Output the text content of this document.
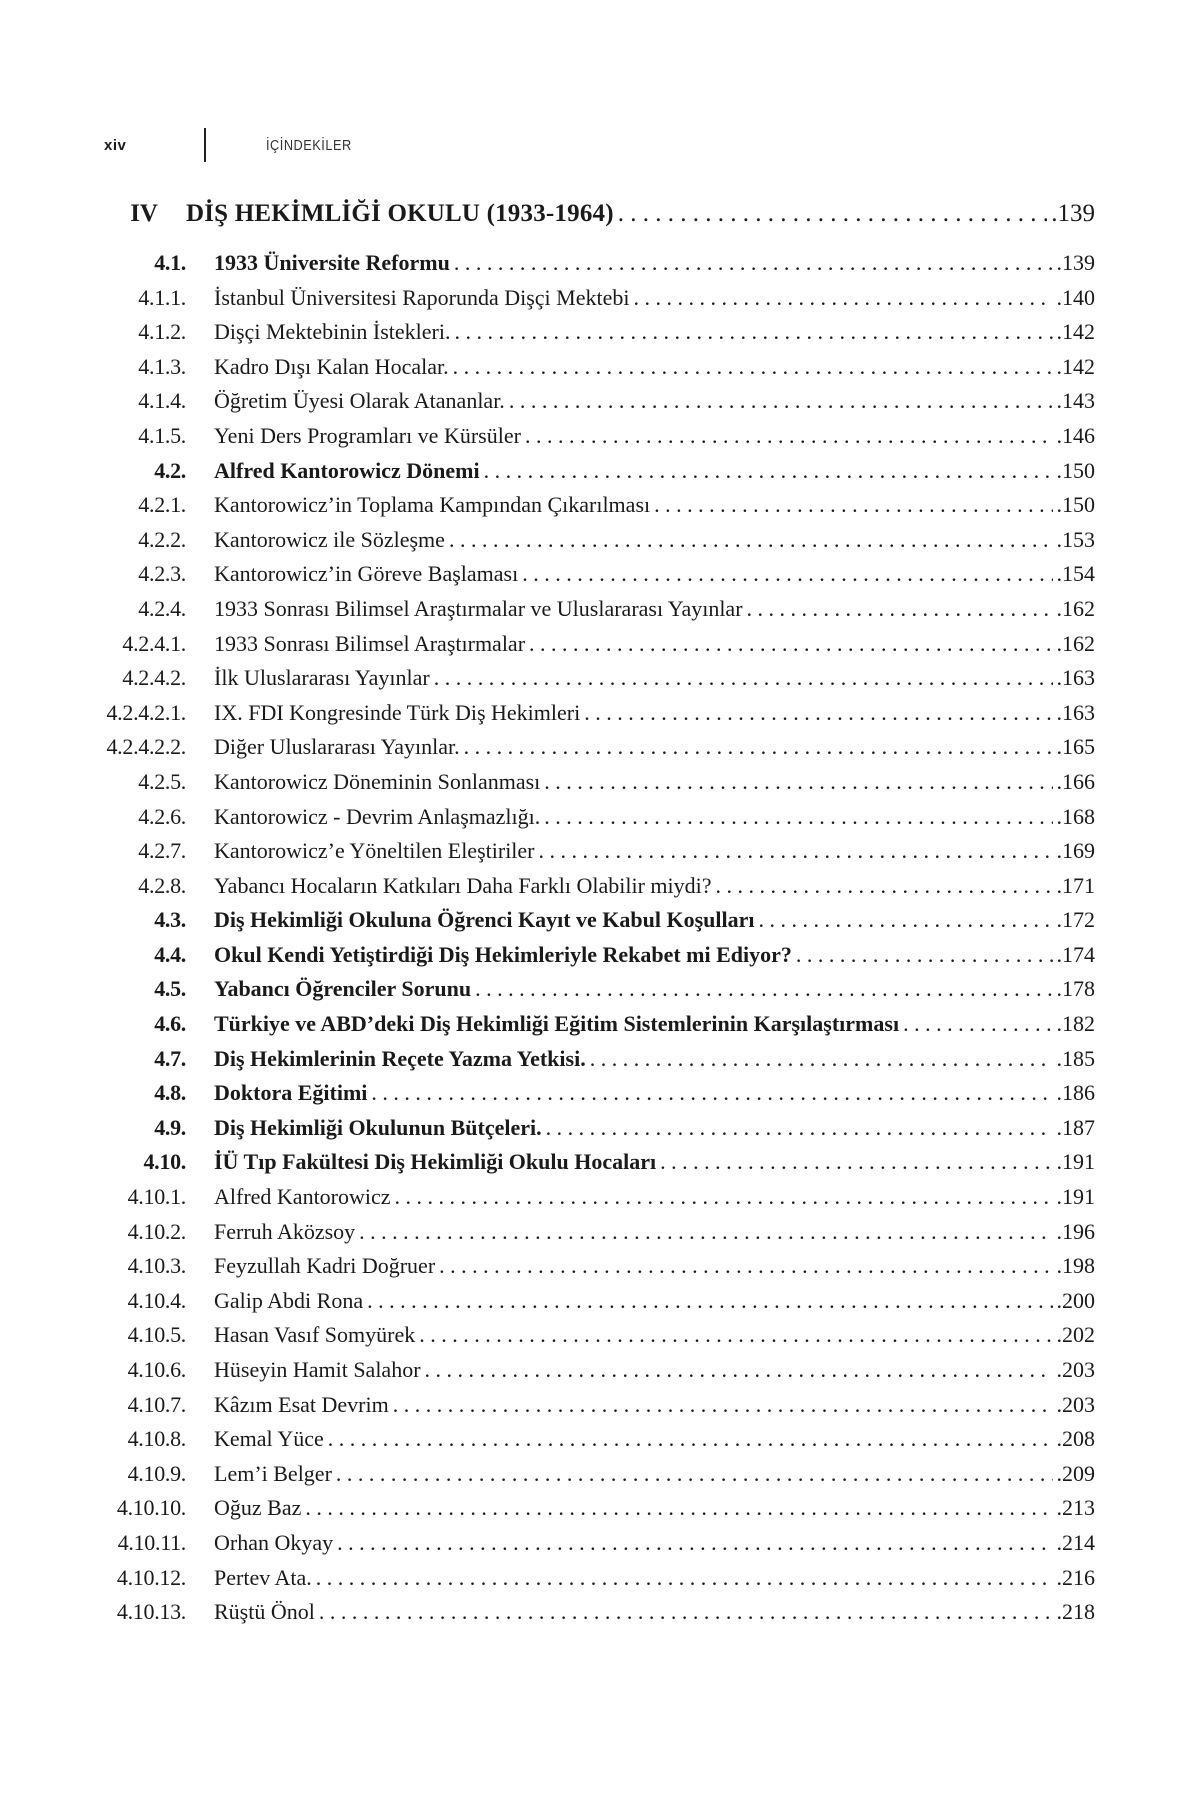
xiv	İÇİNDEKİLER
IV	DİŞ HEKİMLİĞİ OKULU (1933-1964) . . .	.139
4.1. 1933 Üniversite Reformu . . .	.139
4.1.1. İstanbul Üniversitesi Raporunda Dişçi Mektebi . . .	.140
4.1.2. Dişçi Mektebinin İstekleri. . . .	.142
4.1.3. Kadro Dışı Kalan Hocalar. . . .	.142
4.1.4. Öğretim Üyesi Olarak Atananlar. . . .	.143
4.1.5. Yeni Ders Programları ve Kürsüler . . .	.146
4.2. Alfred Kantorowicz Dönemi . . .	.150
4.2.1. Kantorowicz’in Toplama Kampından Çıkarılması . . .	.150
4.2.2. Kantorowicz ile Sözleşme . . .	.153
4.2.3. Kantorowicz’in Göreve Başlaması . . .	.154
4.2.4. 1933 Sonrası Bilimsel Araştırmalar ve Uluslararası Yayınlar . . .	.162
4.2.4.1. 1933 Sonrası Bilimsel Araştırmalar . . .	.162
4.2.4.2. İlk Uluslararası Yayınlar . . .	.163
4.2.4.2.1. IX. FDI Kongresinde Türk Diş Hekimleri . . .	.163
4.2.4.2.2. Diğer Uluslararası Yayınlar. . . .	.165
4.2.5. Kantorowicz Döneminin Sonlanması . . .	.166
4.2.6. Kantorowicz - Devrim Anlaşmazlığı. . . .	.168
4.2.7. Kantorowicz’e Yöneltilen Eleştiriler . . .	.169
4.2.8. Yabancı Hocaların Katkıları Daha Farklı Olabilir miydi? . . .	.171
4.3. Diş Hekimliği Okuluna Öğrenci Kayıt ve Kabul Koşulları . . .	.172
4.4. Okul Kendi Yetiştirdiği Diş Hekimleriyle Rekabet mi Ediyor? . . .	.174
4.5. Yabancı Öğrenciler Sorunu . . .	.178
4.6. Türkiye ve ABD’deki Diş Hekimliği Eğitim Sistemlerinin Karşılaştırması . . .	.182
4.7. Diş Hekimlerinin Reçete Yazma Yetkisi. . . .	.185
4.8. Doktora Eğitimi . . .	.186
4.9. Diş Hekimliği Okulunun Bütçeleri. . . .	.187
4.10. İÜ Tıp Fakültesi Diş Hekimliği Okulu Hocaları . . .	.191
4.10.1. Alfred Kantorowicz . . .	.191
4.10.2. Ferruh Aközsoy . . .	.196
4.10.3. Feyzullah Kadri Doğruer . . .	.198
4.10.4. Galip Abdi Rona . . .	.200
4.10.5. Hasan Vasıf Somyürek . . .	.202
4.10.6. Hüseyin Hamit Salahor . . .	.203
4.10.7. Kâzım Esat Devrim . . .	.203
4.10.8. Kemal Yüce . . .	.208
4.10.9. Lem’i Belger . . .	.209
4.10.10. Oğuz Baz . . .	.213
4.10.11. Orhan Okyay . . .	.214
4.10.12. Pertev Ata. . . .	.216
4.10.13. Rüştü Önol . . .	.218
